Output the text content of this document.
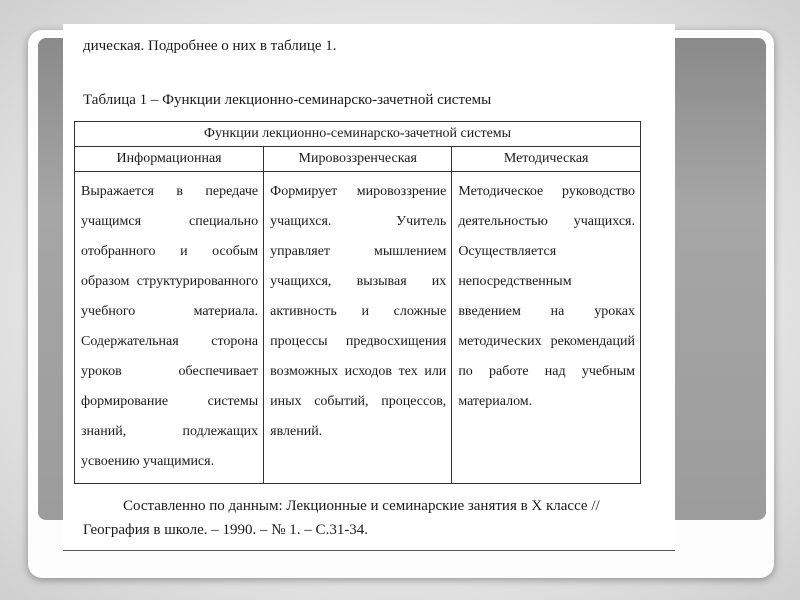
дическая. Подробнее о них в таблице 1.
Таблица 1 – Функции лекционно-семинарско-зачетной системы
Функции лекционно-семинарско-зачетной системы		
Информационная	Мировоззренческая	Методическая
Выражается в передаче учащимся специально отобранного и особым образом структурированного учебного материала. Содержательная сторона уроков обеспечивает формирование системы знаний, подлежащих усвоению учащимися.	Формирует мировоззрение учащихся. Учитель управляет мышлением учащихся, вызывая их активность и сложные процессы предвосхищения возможных исходов тех или иных событий, процессов, явлений.	Методическое руководство деятельностью учащихся. Осуществляется непосредственным введением на уроках методических рекомендаций по работе над учебным материалом.
Составленно по данным: Лекционные и семинарские занятия в X классе // География в школе. – 1990. – № 1. – С.31-34.
